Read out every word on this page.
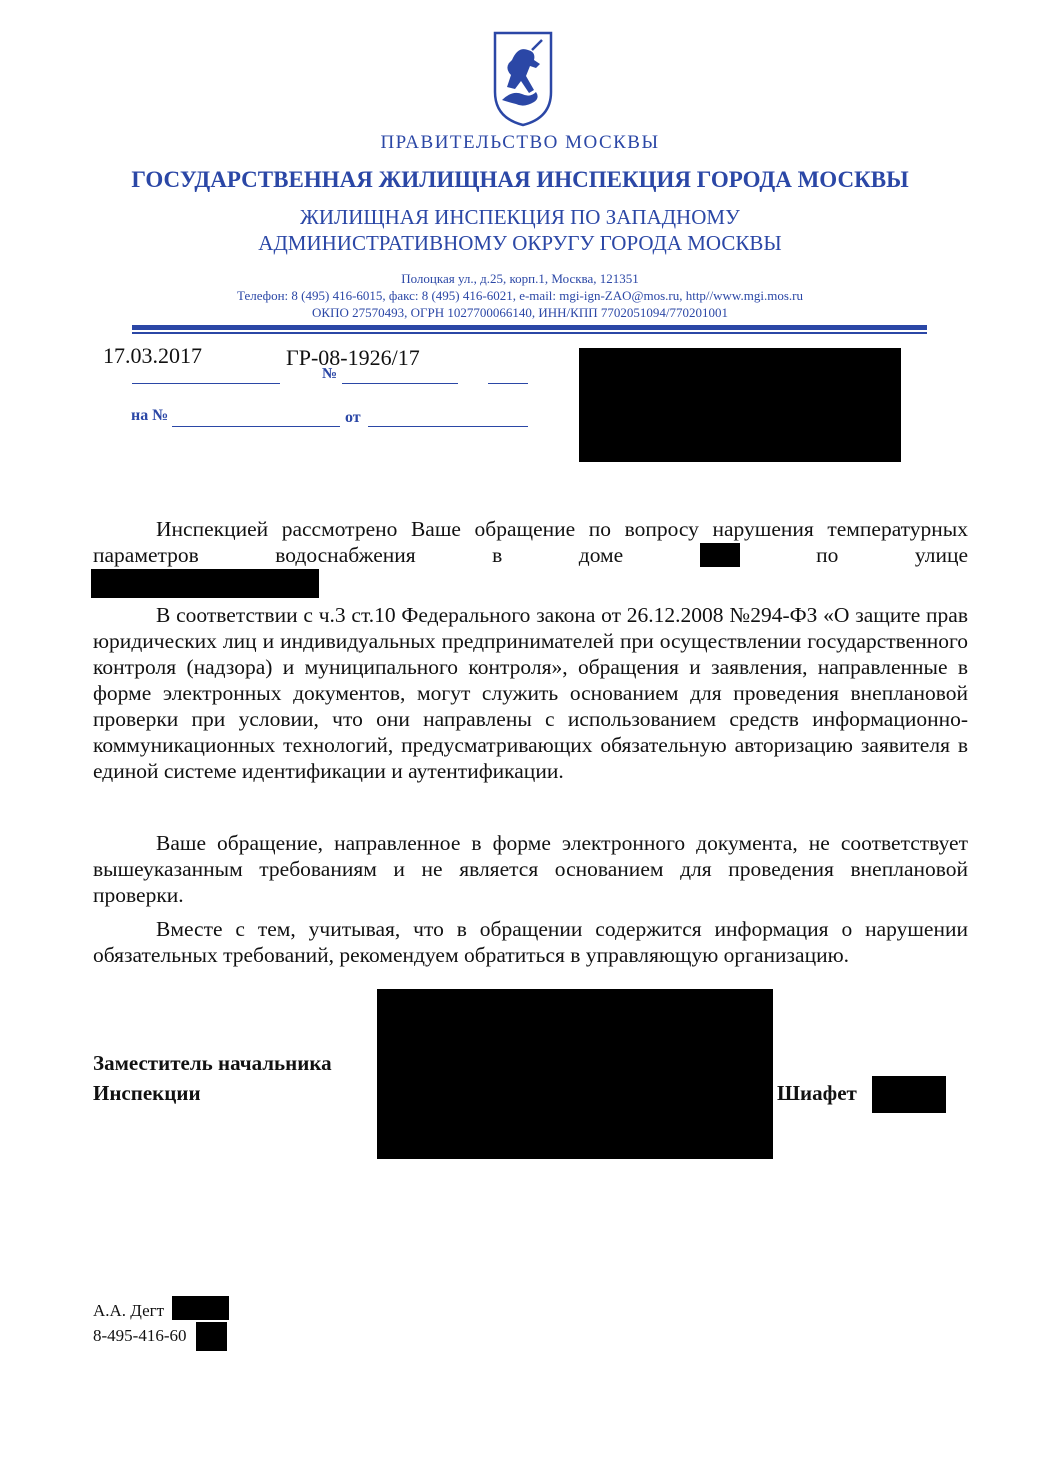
ПРАВИТЕЛЬСТВО МОСКВЫ
ГОСУДАРСТВЕННАЯ ЖИЛИЩНАЯ ИНСПЕКЦИЯ ГОРОДА МОСКВЫ
ЖИЛИЩНАЯ ИНСПЕКЦИЯ ПО ЗАПАДНОМУ
АДМИНИСТРАТИВНОМУ ОКРУГУ ГОРОДА МОСКВЫ
Полоцкая ул., д.25, корп.1, Москва, 121351
Телефон: 8 (495) 416-6015, факс: 8 (495) 416-6021, e-mail: mgi-ign-ZAO@mos.ru, http//www.mgi.mos.ru
ОКПО 27570493, ОГРН 1027700066140, ИНН/КПП 7702051094/770201001
17.03.2017	ГР-08-1926/17
№
на №	от
Инспекцией рассмотрено Ваше обращение по вопросу нарушения температурных параметров водоснабжения в доме	по улице

В соответствии с ч.3 ст.10 Федерального закона от 26.12.2008 №294-ФЗ «О защите прав юридических лиц и индивидуальных предпринимателей при осуществлении государственного контроля (надзора) и муниципального контроля», обращения и заявления, направленные в форме электронных документов, могут служить основанием для проведения внеплановой проверки при условии, что они направлены с использованием средств информационно-коммуникационных технологий, предусматривающих обязательную авторизацию заявителя в единой системе идентификации и аутентификации.

Ваше обращение, направленное в форме электронного документа, не соответствует вышеуказанным требованиям и не является основанием для проведения внеплановой проверки.

Вместе с тем, учитывая, что в обращении содержится информация о нарушении обязательных требований, рекомендуем обратиться в управляющую организацию.

Заместитель начальника
Инспекции	Шиафет
А.А. Дегт
8-495-416-60
